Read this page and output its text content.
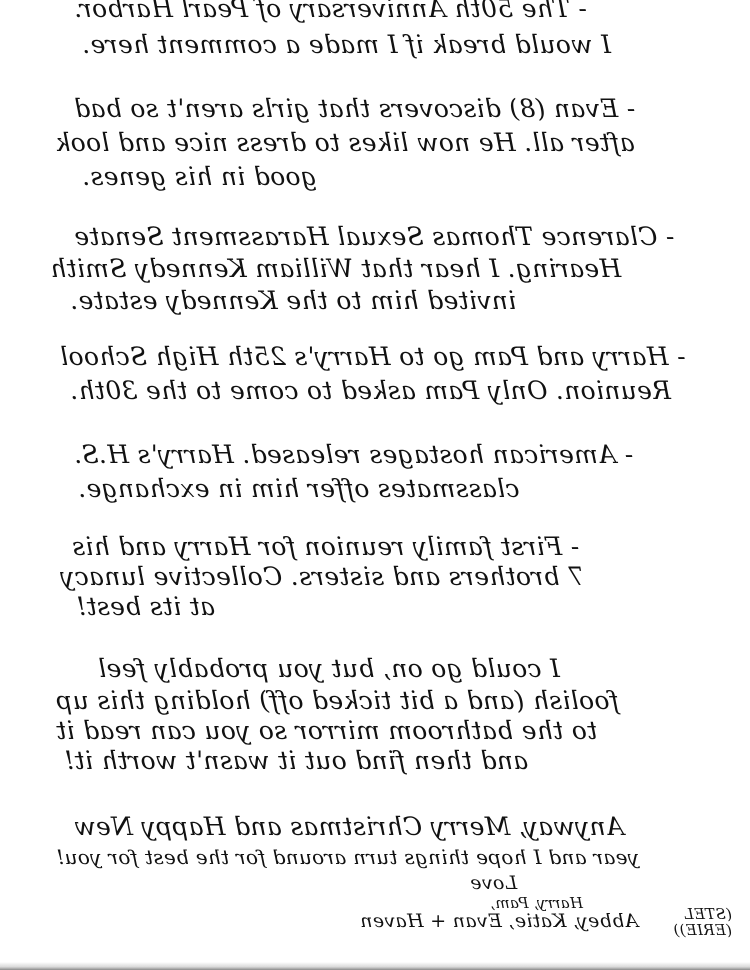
- The 50th Anniversary of Pearl Harbor.
I would break if I made a comment here.
- Evan (8) discovers that girls aren't so bad
after all. He now likes to dress nice and look
good in his genes.
- Clarence Thomas Sexual Harassment Senate
Hearing. I hear that William Kennedy Smith
invited him to the Kennedy estate.
- Harry and Pam go to Harry's 25th High School
Reunion. Only Pam asked to come to the 30th.
- American hostages released. Harry's H.S.
classmates offer him in exchange.
- First family reunion for Harry and his
7 brothers and sisters. Collective lunacy
at its best!
I could go on, but you probably feel
foolish (and a bit ticked off) holding this up
to the bathroom mirror so you can read it
and then find out it wasn't worth it!
Anyway, Merry Christmas and Happy New
year and I hope things turn around for the best for you!
Love
Harry, Pam,
Abbey, Katie, Evan + Haven	(STEL (ERIE))
